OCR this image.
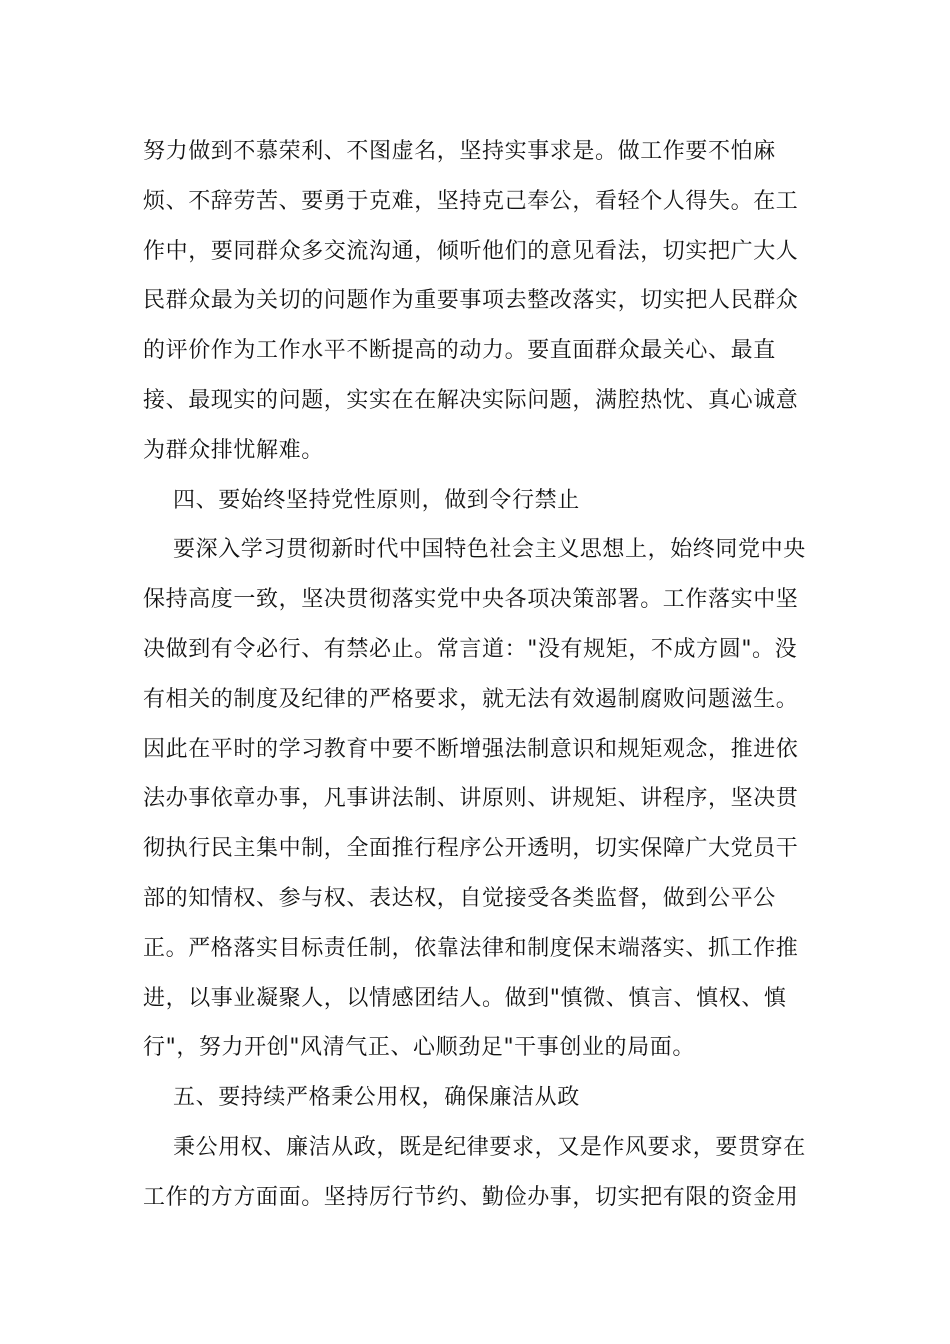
努力做到不慕荣利、不图虚名，坚持实事求是。做工作要不怕麻
烦、不辞劳苦、要勇于克难，坚持克己奉公，看轻个人得失。在工
作中，要同群众多交流沟通，倾听他们的意见看法，切实把广大人
民群众最为关切的问题作为重要事项去整改落实，切实把人民群众
的评价作为工作水平不断提高的动力。要直面群众最关心、最直
接、最现实的问题，实实在在解决实际问题，满腔热忱、真心诚意
为群众排忧解难。
四、要始终坚持党性原则，做到令行禁止
要深入学习贯彻新时代中国特色社会主义思想上，始终同党中央
保持高度一致，坚决贯彻落实党中央各项决策部署。工作落实中坚
决做到有令必行、有禁必止。常言道："没有规矩，不成方圆"。没
有相关的制度及纪律的严格要求，就无法有效遏制腐败问题滋生。
因此在平时的学习教育中要不断增强法制意识和规矩观念，推进依
法办事依章办事，凡事讲法制、讲原则、讲规矩、讲程序，坚决贯
彻执行民主集中制，全面推行程序公开透明，切实保障广大党员干
部的知情权、参与权、表达权，自觉接受各类监督，做到公平公
正。严格落实目标责任制，依靠法律和制度保末端落实、抓工作推
进，以事业凝聚人，以情感团结人。做到"慎微、慎言、慎权、慎
行"，努力开创"风清气正、心顺劲足"干事创业的局面。
五、要持续严格秉公用权，确保廉洁从政
秉公用权、廉洁从政，既是纪律要求，又是作风要求，要贯穿在
工作的方方面面。坚持厉行节约、勤俭办事，切实把有限的资金用
